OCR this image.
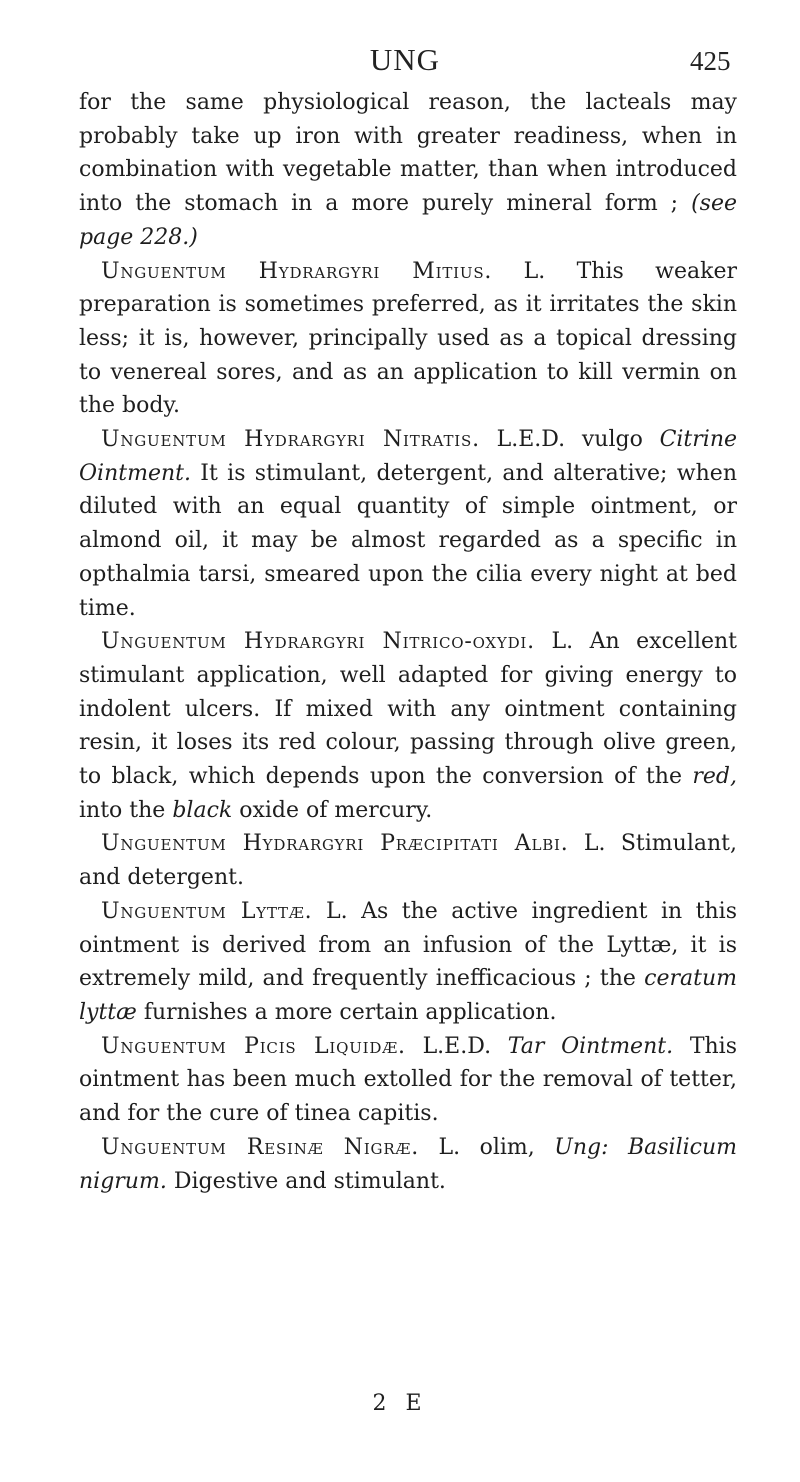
UNG	425

for the same physiological reason, the lacteals may probably take up iron with greater readiness, when in combination with vegetable matter, than when introduced into the stomach in a more purely mineral form ; (see page 228.)

Unguentum Hydrargyri Mitius. L. This weaker preparation is sometimes preferred, as it irritates the skin less; it is, however, principally used as a topical dressing to venereal sores, and as an application to kill vermin on the body.

Unguentum Hydrargyri Nitratis. L.E.D. vulgo Citrine Ointment. It is stimulant, detergent, and alterative; when diluted with an equal quantity of simple ointment, or almond oil, it may be almost regarded as a specific in opthalmia tarsi, smeared upon the cilia every night at bed time.

Unguentum Hydrargyri Nitrico-oxydi. L. An excellent stimulant application, well adapted for giving energy to indolent ulcers. If mixed with any ointment containing resin, it loses its red colour, passing through olive green, to black, which depends upon the conversion of the red, into the black oxide of mercury.

Unguentum Hydrargyri Præcipitati Albi. L. Stimulant, and detergent.

Unguentum Lyttæ. L. As the active ingredient in this ointment is derived from an infusion of the Lyttæ, it is extremely mild, and frequently inefficacious ; the ceratum lyttæ furnishes a more certain application.

Unguentum Picis Liquidæ. L.E.D. Tar Ointment. This ointment has been much extolled for the removal of tetter, and for the cure of tinea capitis.

Unguentum Resinæ Nigræ. L. olim, Ung: Basilicum nigrum. Digestive and stimulant.

2 E
